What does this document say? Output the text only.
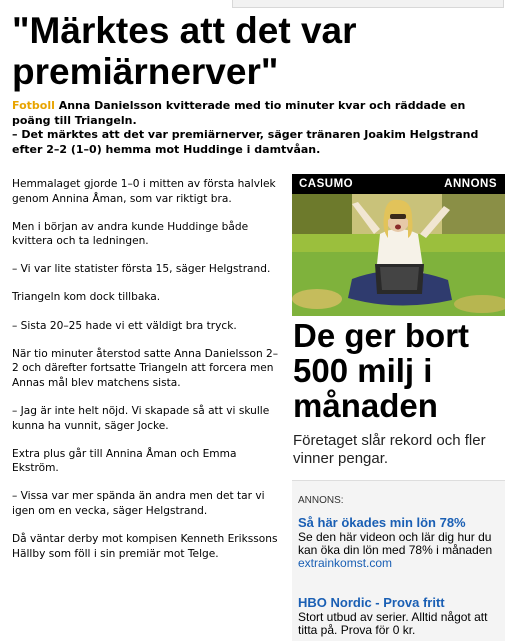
"Märktes att det var premiärnerver"
Fotboll Anna Danielsson kvitterade med tio minuter kvar och räddade en poäng till Triangeln.
– Det märktes att det var premiärnerver, säger tränaren Joakim Helgstrand efter 2–2 (1–0) hemma mot Huddinge i damtvåan.

Hemmalaget gjorde 1–0 i mitten av första halvlek genom Annina Åman, som var riktigt bra.

Men i början av andra kunde Huddinge både kvittera och ta ledningen.

– Vi var lite statister första 15, säger Helgstrand.

Triangeln kom dock tillbaka.

– Sista 20–25 hade vi ett väldigt bra tryck.

När tio minuter återstod satte Anna Danielsson 2–2 och därefter fortsatte Triangeln att forcera men Annas mål blev matchens sista.

– Jag är inte helt nöjd. Vi skapade så att vi skulle kunna ha vunnit, säger Jocke.

Extra plus går till Annina Åman och Emma Ekström.

– Vissa var mer spända än andra men det tar vi igen om en vecka, säger Helgstrand.

Då väntar derby mot kompisen Kenneth Erikssons Hällby som föll i sin premiär mot Telge.

CASUMO	ANNONS
De ger bort 500 milj i månaden
Företaget slår rekord och fler vinner pengar.
ANNONS:
Så här ökades min lön 78%
Se den här videon och lär dig hur du kan öka din lön med 78% i månaden
extrainkomst.com
HBO Nordic - Prova fritt
Stort utbud av serier. Alltid något att titta på. Prova för 0 kr.
